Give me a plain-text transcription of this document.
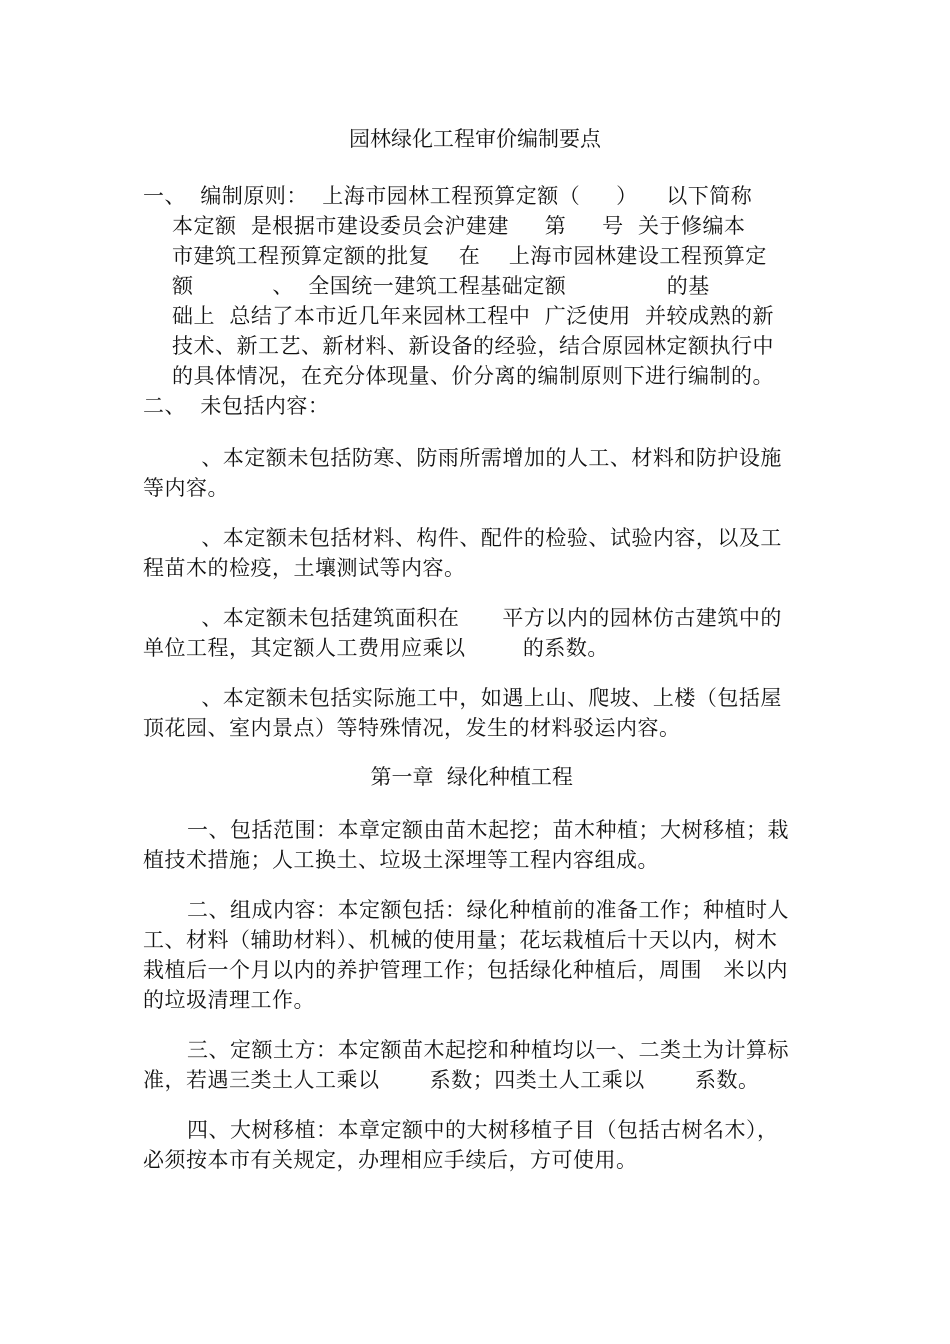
园林绿化工程审价编制要点
一、  编制原则：  上海市园林工程预算定额（     ）    以下简称
本定额  是根据市建设委员会沪建建     第     号  关于修编本
市建筑工程预算定额的批复    在    上海市园林建设工程预算定
额           、  全国统一建筑工程基础定额              的基
础上  总结了本市近几年来园林工程中  广泛使用  并较成熟的新
技术、新工艺、新材料、新设备的经验，结合原园林定额执行中
的具体情况，在充分体现量、价分离的编制原则下进行编制的。
二、  未包括内容：
、本定额未包括防寒、防雨所需增加的人工、材料和防护设施
等内容。
、本定额未包括材料、构件、配件的检验、试验内容，以及工
程苗木的检疫，土壤测试等内容。
、本定额未包括建筑面积在      平方以内的园林仿古建筑中的
单位工程，其定额人工费用应乘以        的系数。
、本定额未包括实际施工中，如遇上山、爬坡、上楼（包括屋
顶花园、室内景点）等特殊情况，发生的材料驳运内容。
第一章  绿化种植工程
一、包括范围：本章定额由苗木起挖；苗木种植；大树移植；栽
植技术措施；人工换土、垃圾土深埋等工程内容组成。
二、组成内容：本定额包括：绿化种植前的准备工作；种植时人
工、材料（辅助材料）、机械的使用量；花坛栽植后十天以内，树木
栽植后一个月以内的养护管理工作；包括绿化种植后，周围   米以内
的垃圾清理工作。
三、定额土方：本定额苗木起挖和种植均以一、二类土为计算标
准，若遇三类土人工乘以       系数；四类土人工乘以       系数。
四、大树移植：本章定额中的大树移植子目（包括古树名木），
必须按本市有关规定，办理相应手续后，方可使用。
